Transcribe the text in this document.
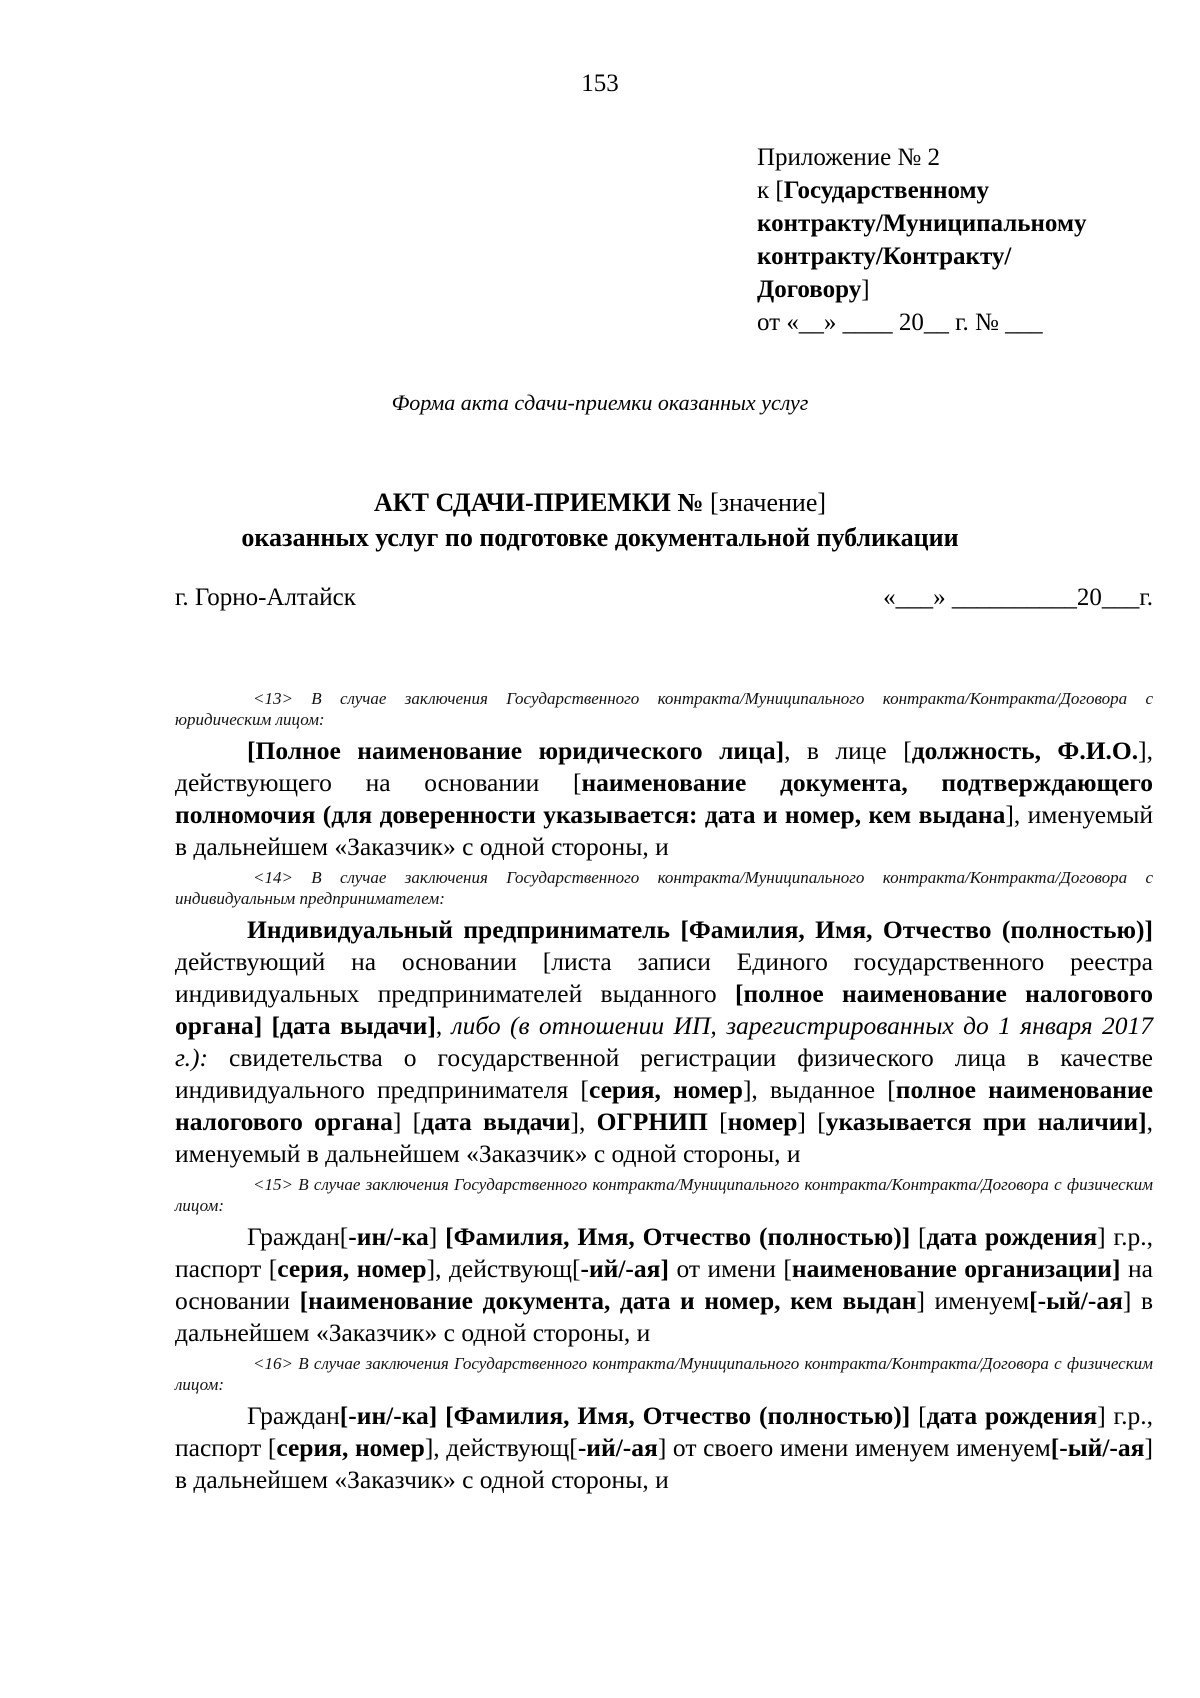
153
Приложение № 2
к [Государственному
контракту/Муниципальному
контракту/Контракту/
Договору]
от «__» ____ 20__ г. № ___
Форма акта сдачи-приемки оказанных услуг
АКТ СДАЧИ-ПРИЕМКИ № [значение]
оказанных услуг по подготовке документальной публикации
г. Горно-Алтайск	«___» __________20___г.
<13> В случае заключения Государственного контракта/Муниципального контракта/Контракта/Договора с юридическим лицом:
[Полное наименование юридического лица], в лице [должность, Ф.И.О.], действующего на основании [наименование документа, подтверждающего полномочия (для доверенности указывается: дата и номер, кем выдана], именуемый в дальнейшем «Заказчик» с одной стороны, и
<14> В случае заключения Государственного контракта/Муниципального контракта/Контракта/Договора с индивидуальным предпринимателем:
Индивидуальный предприниматель [Фамилия, Имя, Отчество (полностью)] действующий на основании [листа записи Единого государственного реестра индивидуальных предпринимателей выданного [полное наименование налогового органа] [дата выдачи], либо (в отношении ИП, зарегистрированных до 1 января 2017 г.): свидетельства о государственной регистрации физического лица в качестве индивидуального предпринимателя [серия, номер], выданное [полное наименование налогового органа] [дата выдачи], ОГРНИП [номер] [указывается при наличии], именуемый в дальнейшем «Заказчик» с одной стороны, и
<15> В случае заключения Государственного контракта/Муниципального контракта/Контракта/Договора с физическим лицом:
Граждан[-ин/-ка] [Фамилия, Имя, Отчество (полностью)] [дата рождения] г.р., паспорт [серия, номер], действующ[-ий/-ая] от имени [наименование организации] на основании [наименование документа, дата и номер, кем выдан] именуем[-ый/-ая] в дальнейшем «Заказчик» с одной стороны, и
<16> В случае заключения Государственного контракта/Муниципального контракта/Контракта/Договора с физическим лицом:
Граждан[-ин/-ка] [Фамилия, Имя, Отчество (полностью)] [дата рождения] г.р., паспорт [серия, номер], действующ[-ий/-ая] от своего имени именуем именуем[-ый/-ая] в дальнейшем «Заказчик» с одной стороны, и
